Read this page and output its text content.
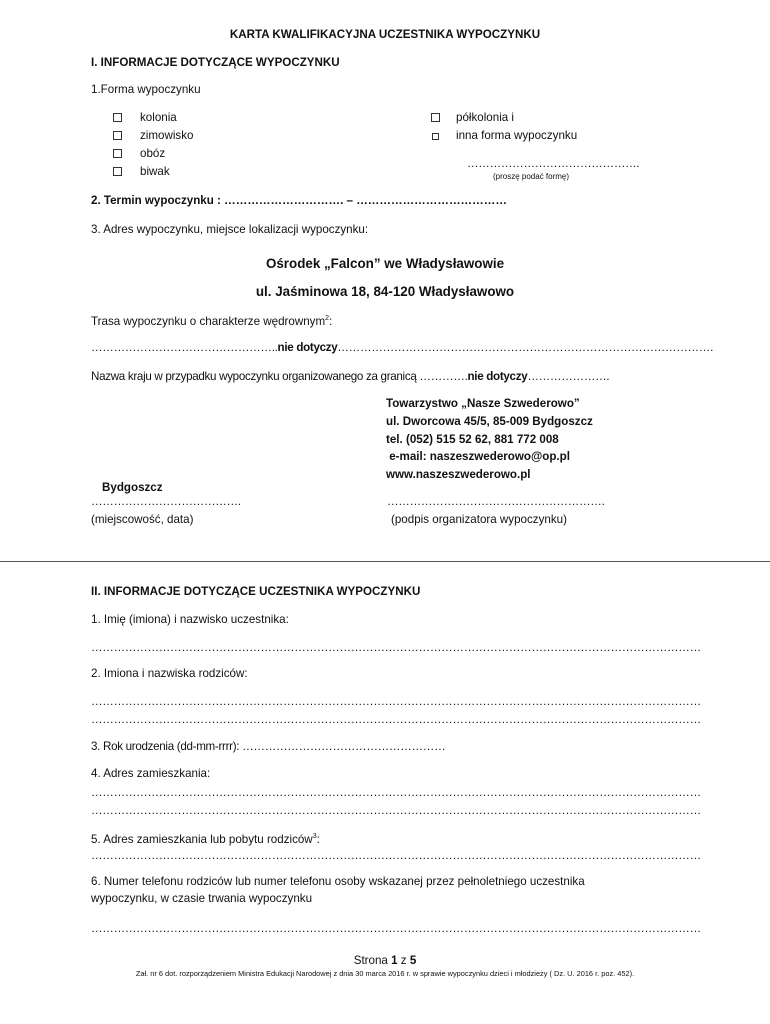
KARTA KWALIFIKACYJNA UCZESTNIKA WYPOCZYNKU
I. INFORMACJE DOTYCZĄCE WYPOCZYNKU
1.Forma wypoczynku
kolonia
zimowisko
obóz
biwak
półkolonia i
inna forma wypoczynku
……………………………………….
(proszę podać formę)
2. Termin wypoczynku : …………………………. – …………………………………
3. Adres wypoczynku, miejsce lokalizacji wypoczynku:
Ośrodek „Falcon” we Władysławowie
ul. Jaśminowa 18, 84-120 Władysławowo
Trasa wypoczynku o charakterze wędrownym$^2$:
…………………………………………..nie dotyczy……………………………………………………………………………………….
Nazwa kraju w przypadku wypoczynku organizowanego za granicą ………….nie dotyczy………………….
Towarzystwo „Nasze Szwederowo”
ul. Dworcowa 45/5, 85-009 Bydgoszcz
tel. (052) 515 52 62, 881 772 008
e-mail: naszeszwederowo@op.pl
www.naszeszwederowo.pl
Bydgoszcz
………………………………….
(miejscowość, data)
………………………………………………….
(podpis organizatora wypoczynku)
II. INFORMACJE DOTYCZĄCE UCZESTNIKA WYPOCZYNKU
1. Imię (imiona) i nazwisko uczestnika:
………………………………………………………………………………………………………………………………………………
2. Imiona i nazwiska rodziców:
………………………………………………………………………………………………………………………………………………
………………………………………………………………………………………………………………………………………………
3. Rok urodzenia (dd-mm-rrrr): ………………………………………………
4. Adres zamieszkania:
………………………………………………………………………………………………………………………………………………
………………………………………………………………………………………………………………………………………………
5. Adres zamieszkania lub pobytu rodziców$^3$:
………………………………………………………………………………………………………………………………………………
6. Numer telefonu rodziców lub numer telefonu osoby wskazanej przez pełnoletniego uczestnika
wypoczynku, w czasie trwania wypoczynku
………………………………………………………………………………………………………………………………………………
Strona 1 z 5
Zał. nr 6 dot. rozporządzeniem Ministra Edukacji Narodowej z dnia 30 marca 2016 r. w sprawie wypoczynku dzieci i młodzieży ( Dz. U. 2016 r. poz. 452).
